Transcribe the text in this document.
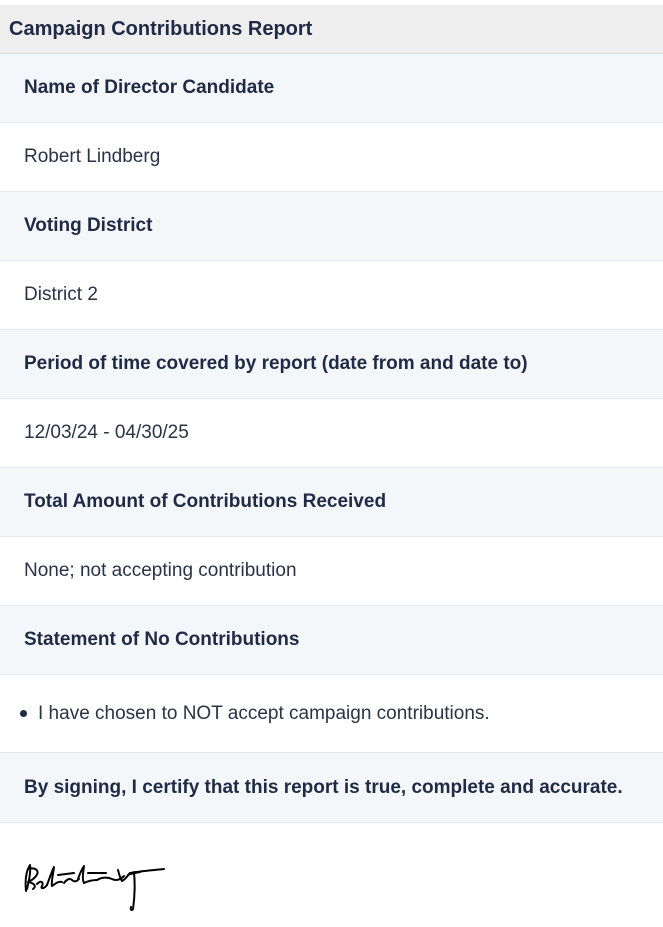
Campaign Contributions Report
Name of Director Candidate
Robert Lindberg
Voting District
District 2
Period of time covered by report (date from and date to)
12/03/24 - 04/30/25
Total Amount of Contributions Received
None; not accepting contribution
Statement of No Contributions
I have chosen to NOT accept campaign contributions.
By signing, I certify that this report is true, complete and accurate.
